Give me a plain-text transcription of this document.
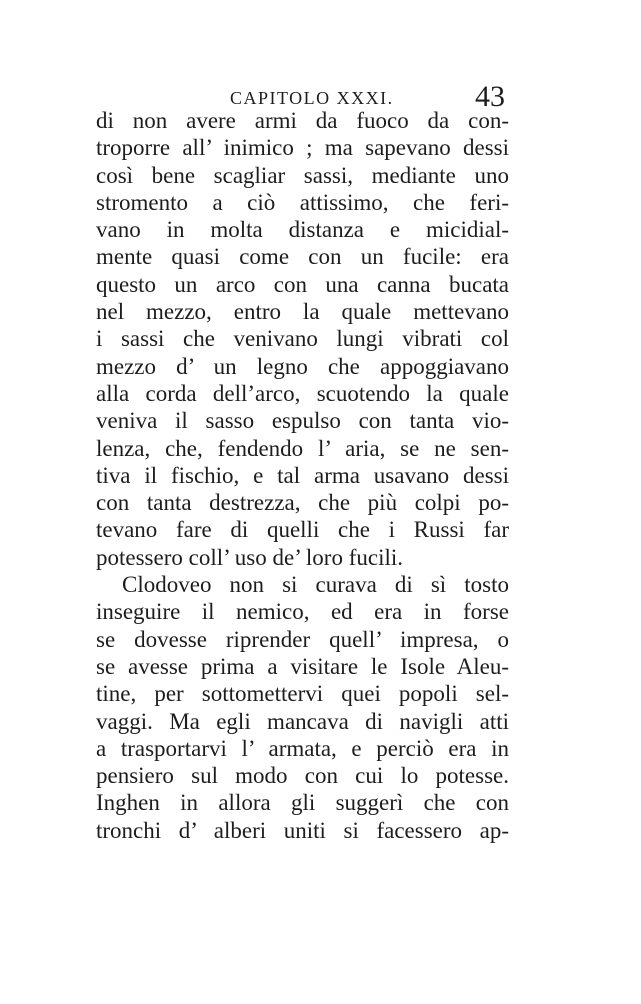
CAPITOLO XXXI.	43
di non avere armi da fuoco da con-
troporre all’ inimico ; ma sapevano dessi
così bene scagliar sassi, mediante uno
stromento a ciò attissimo, che feri-
vano in molta distanza e micidial-
mente quasi come con un fucile: era
questo un arco con una canna bucata
nel mezzo, entro la quale mettevano
i sassi che venivano lungi vibrati col
mezzo d’ un legno che appoggiavano
alla corda dell’arco, scuotendo la quale
veniva il sasso espulso con tanta vio-
lenza, che, fendendo l’ aria, se ne sen-
tiva il fischio, e tal arma usavano dessi
con tanta destrezza, che più colpi po-
tevano fare di quelli che i Russi far
potessero coll’ uso de’ loro fucili.
Clodoveo non si curava di sì tosto
inseguire il nemico, ed era in forse
se dovesse riprender quell’ impresa, o
se avesse prima a visitare le Isole Aleu-
tine, per sottomettervi quei popoli sel-
vaggi. Ma egli mancava di navigli atti
a trasportarvi l’ armata, e perciò era in
pensiero sul modo con cui lo potesse.
Inghen in allora gli suggerì che con
tronchi d’ alberi uniti si facessero ap-
